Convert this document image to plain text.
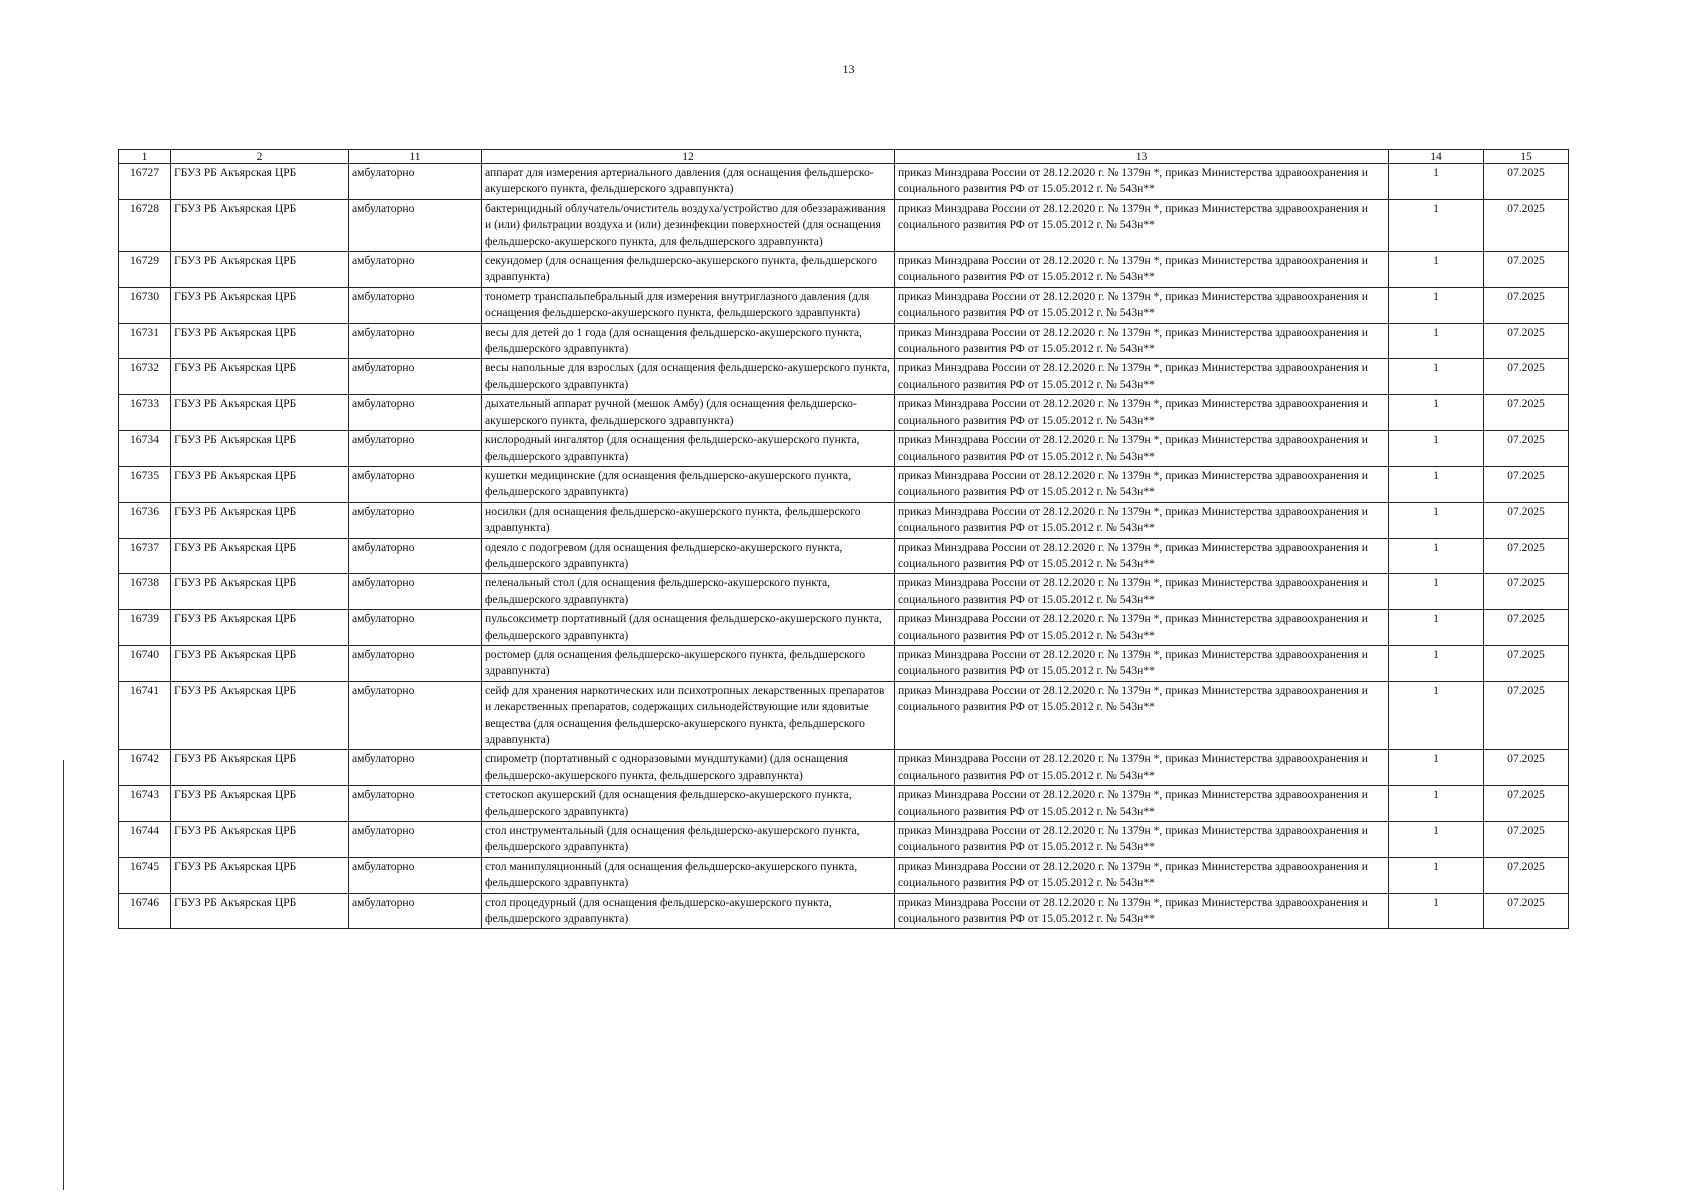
13
1	2	11	12	13	14	15
16727	ГБУЗ РБ Акъярская ЦРБ	амбулаторно	аппарат для измерения артериального давления (для оснащения фельдшерско-акушерского пункта, фельдшерского здравпункта)	приказ Минздрава России от 28.12.2020 г. № 1379н *, приказ Министерства здравоохранения и социального развития РФ от 15.05.2012 г. № 543н**	1	07.2025
16728	ГБУЗ РБ Акъярская ЦРБ	амбулаторно	бактерицидный облучатель/очиститель воздуха/устройство для обеззараживания и (или) фильтрации воздуха и (или) дезинфекции поверхностей (для оснащения фельдшерско-акушерского пункта, для фельдшерского здравпункта)	приказ Минздрава России от 28.12.2020 г. № 1379н *, приказ Министерства здравоохранения и социального развития РФ от 15.05.2012 г. № 543н**	1	07.2025
16729	ГБУЗ РБ Акъярская ЦРБ	амбулаторно	секундомер (для оснащения фельдшерско-акушерского пункта, фельдшерского здравпункта)	приказ Минздрава России от 28.12.2020 г. № 1379н *, приказ Министерства здравоохранения и социального развития РФ от 15.05.2012 г. № 543н**	1	07.2025
16730	ГБУЗ РБ Акъярская ЦРБ	амбулаторно	тонометр транспальпебральный для измерения внутриглазного давления (для оснащения фельдшерско-акушерского пункта, фельдшерского здравпункта)	приказ Минздрава России от 28.12.2020 г. № 1379н *, приказ Министерства здравоохранения и социального развития РФ от 15.05.2012 г. № 543н**	1	07.2025
16731	ГБУЗ РБ Акъярская ЦРБ	амбулаторно	весы для детей до 1 года (для оснащения фельдшерско-акушерского пункта, фельдшерского здравпункта)	приказ Минздрава России от 28.12.2020 г. № 1379н *, приказ Министерства здравоохранения и социального развития РФ от 15.05.2012 г. № 543н**	1	07.2025
16732	ГБУЗ РБ Акъярская ЦРБ	амбулаторно	весы напольные для взрослых (для оснащения фельдшерско-акушерского пункта, фельдшерского здравпункта)	приказ Минздрава России от 28.12.2020 г. № 1379н *, приказ Министерства здравоохранения и социального развития РФ от 15.05.2012 г. № 543н**	1	07.2025
16733	ГБУЗ РБ Акъярская ЦРБ	амбулаторно	дыхательный аппарат ручной (мешок Амбу) (для оснащения фельдшерско-акушерского пункта, фельдшерского здравпункта)	приказ Минздрава России от 28.12.2020 г. № 1379н *, приказ Министерства здравоохранения и социального развития РФ от 15.05.2012 г. № 543н**	1	07.2025
16734	ГБУЗ РБ Акъярская ЦРБ	амбулаторно	кислородный ингалятор (для оснащения фельдшерско-акушерского пункта, фельдшерского здравпункта)	приказ Минздрава России от 28.12.2020 г. № 1379н *, приказ Министерства здравоохранения и социального развития РФ от 15.05.2012 г. № 543н**	1	07.2025
16735	ГБУЗ РБ Акъярская ЦРБ	амбулаторно	кушетки медицинские (для оснащения фельдшерско-акушерского пункта, фельдшерского здравпункта)	приказ Минздрава России от 28.12.2020 г. № 1379н *, приказ Министерства здравоохранения и социального развития РФ от 15.05.2012 г. № 543н**	1	07.2025
16736	ГБУЗ РБ Акъярская ЦРБ	амбулаторно	носилки (для оснащения фельдшерско-акушерского пункта, фельдшерского здравпункта)	приказ Минздрава России от 28.12.2020 г. № 1379н *, приказ Министерства здравоохранения и социального развития РФ от 15.05.2012 г. № 543н**	1	07.2025
16737	ГБУЗ РБ Акъярская ЦРБ	амбулаторно	одеяло с подогревом (для оснащения фельдшерско-акушерского пункта, фельдшерского здравпункта)	приказ Минздрава России от 28.12.2020 г. № 1379н *, приказ Министерства здравоохранения и социального развития РФ от 15.05.2012 г. № 543н**	1	07.2025
16738	ГБУЗ РБ Акъярская ЦРБ	амбулаторно	пеленальный стол (для оснащения фельдшерско-акушерского пункта, фельдшерского здравпункта)	приказ Минздрава России от 28.12.2020 г. № 1379н *, приказ Министерства здравоохранения и социального развития РФ от 15.05.2012 г. № 543н**	1	07.2025
16739	ГБУЗ РБ Акъярская ЦРБ	амбулаторно	пульсоксиметр портативный (для оснащения фельдшерско-акушерского пункта, фельдшерского здравпункта)	приказ Минздрава России от 28.12.2020 г. № 1379н *, приказ Министерства здравоохранения и социального развития РФ от 15.05.2012 г. № 543н**	1	07.2025
16740	ГБУЗ РБ Акъярская ЦРБ	амбулаторно	ростомер (для оснащения фельдшерско-акушерского пункта, фельдшерского здравпункта)	приказ Минздрава России от 28.12.2020 г. № 1379н *, приказ Министерства здравоохранения и социального развития РФ от 15.05.2012 г. № 543н**	1	07.2025
16741	ГБУЗ РБ Акъярская ЦРБ	амбулаторно	сейф для хранения наркотических или психотропных лекарственных препаратов и лекарственных препаратов, содержащих сильнодействующие или ядовитые вещества (для оснащения фельдшерско-акушерского пункта, фельдшерского здравпункта)	приказ Минздрава России от 28.12.2020 г. № 1379н *, приказ Министерства здравоохранения и социального развития РФ от 15.05.2012 г. № 543н**	1	07.2025
16742	ГБУЗ РБ Акъярская ЦРБ	амбулаторно	спирометр (портативный с одноразовыми мундштуками) (для оснащения фельдшерско-акушерского пункта, фельдшерского здравпункта)	приказ Минздрава России от 28.12.2020 г. № 1379н *, приказ Министерства здравоохранения и социального развития РФ от 15.05.2012 г. № 543н**	1	07.2025
16743	ГБУЗ РБ Акъярская ЦРБ	амбулаторно	стетоскоп акушерский (для оснащения фельдшерско-акушерского пункта, фельдшерского здравпункта)	приказ Минздрава России от 28.12.2020 г. № 1379н *, приказ Министерства здравоохранения и социального развития РФ от 15.05.2012 г. № 543н**	1	07.2025
16744	ГБУЗ РБ Акъярская ЦРБ	амбулаторно	стол инструментальный (для оснащения фельдшерско-акушерского пункта, фельдшерского здравпункта)	приказ Минздрава России от 28.12.2020 г. № 1379н *, приказ Министерства здравоохранения и социального развития РФ от 15.05.2012 г. № 543н**	1	07.2025
16745	ГБУЗ РБ Акъярская ЦРБ	амбулаторно	стол манипуляционный (для оснащения фельдшерско-акушерского пункта, фельдшерского здравпункта)	приказ Минздрава России от 28.12.2020 г. № 1379н *, приказ Министерства здравоохранения и социального развития РФ от 15.05.2012 г. № 543н**	1	07.2025
16746	ГБУЗ РБ Акъярская ЦРБ	амбулаторно	стол процедурный (для оснащения фельдшерско-акушерского пункта, фельдшерского здравпункта)	приказ Минздрава России от 28.12.2020 г. № 1379н *, приказ Министерства здравоохранения и социального развития РФ от 15.05.2012 г. № 543н**	1	07.2025
